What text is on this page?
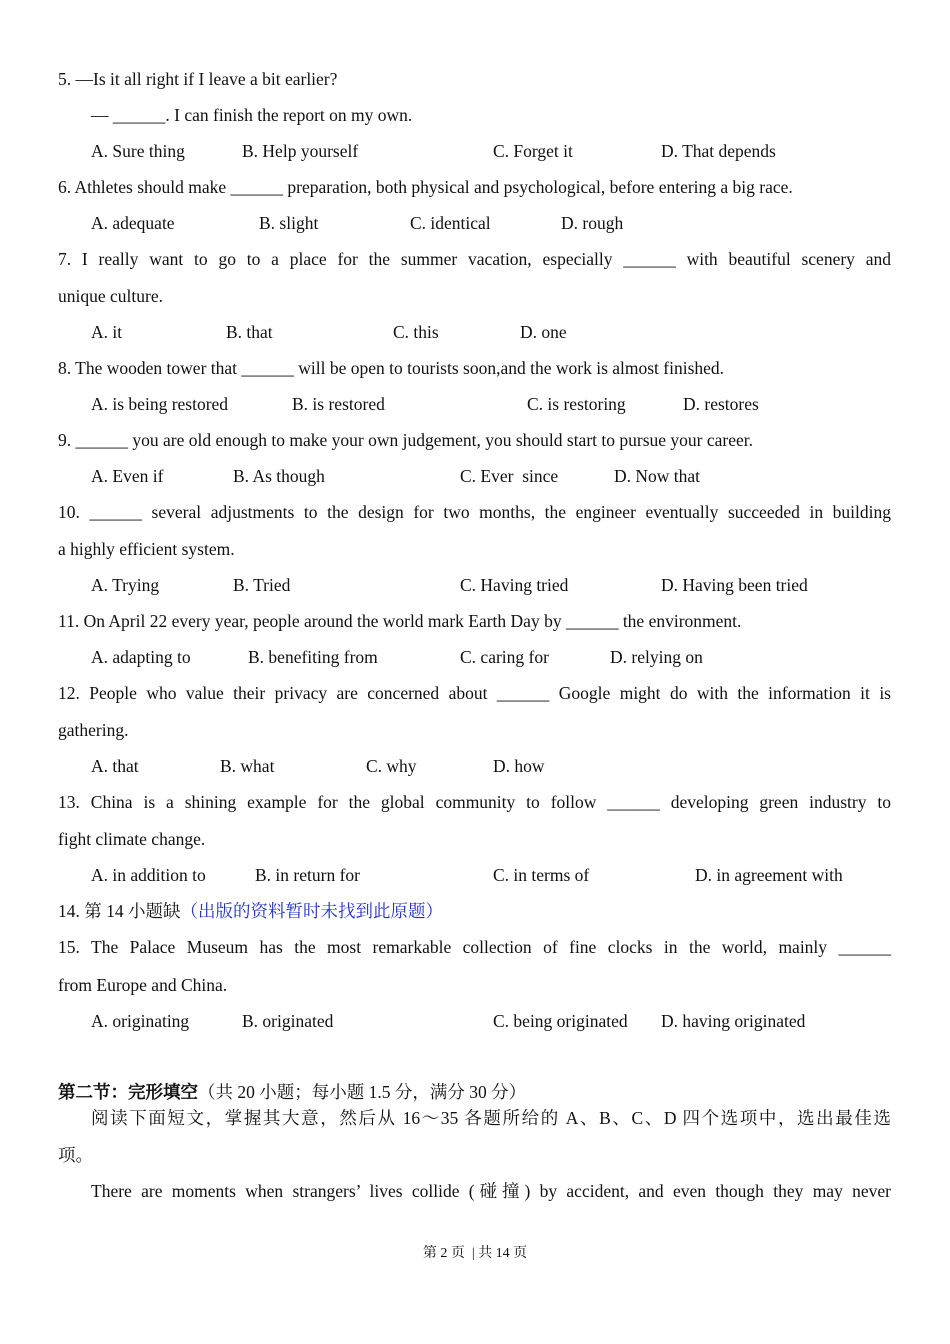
5. —Is it all right if I leave a bit earlier?
— ______. I can finish the report on my own.
A. Sure thing	B. Help yourself	C. Forget it	D. That depends
6. Athletes should make ______ preparation, both physical and psychological, before entering a big race.
A. adequate	B. slight	C. identical	D. rough
7. I really want to go to a place for the summer vacation, especially ______ with beautiful scenery and
unique culture.
A. it	B. that	C. this	D. one
8. The wooden tower that ______ will be open to tourists soon,and the work is almost finished.
A. is being restored	B. is restored	C. is restoring	D. restores
9. ______ you are old enough to make your own judgement, you should start to pursue your career.
A. Even if	B. As though	C. Ever  since	D. Now that
10. ______ several adjustments to the design for two months, the engineer eventually succeeded in building
a highly efficient system.
A. Trying	B. Tried	C. Having tried	D. Having been tried
11. On April 22 every year, people around the world mark Earth Day by ______ the environment.
A. adapting to	B. benefiting from	C. caring for	D. relying on
12. People who value their privacy are concerned about ______ Google might do with the information it is
gathering.
A. that	B. what	C. why	D. how
13. China is a shining example for the global community to follow ______ developing green industry to
fight climate change.
A. in addition to	B. in return for	C. in terms of	D. in agreement with
14. 第 14 小题缺（出版的资料暂时未找到此原题）
15. The Palace Museum has the most remarkable collection of fine clocks in the world, mainly ______
from Europe and China.
A. originating	B. originated	C. being originated D. having originated
第二节：完形填空（共 20 小题；每小题 1.5 分，满分 30 分）
阅读下面短文，掌握其大意，然后从 16～35 各题所给的 A、B、C、D 四个选项中，选出最佳选
项。
There are moments when strangers’ lives collide (碰撞) by accident, and even though they may never
第 2 页  | 共 14 页
